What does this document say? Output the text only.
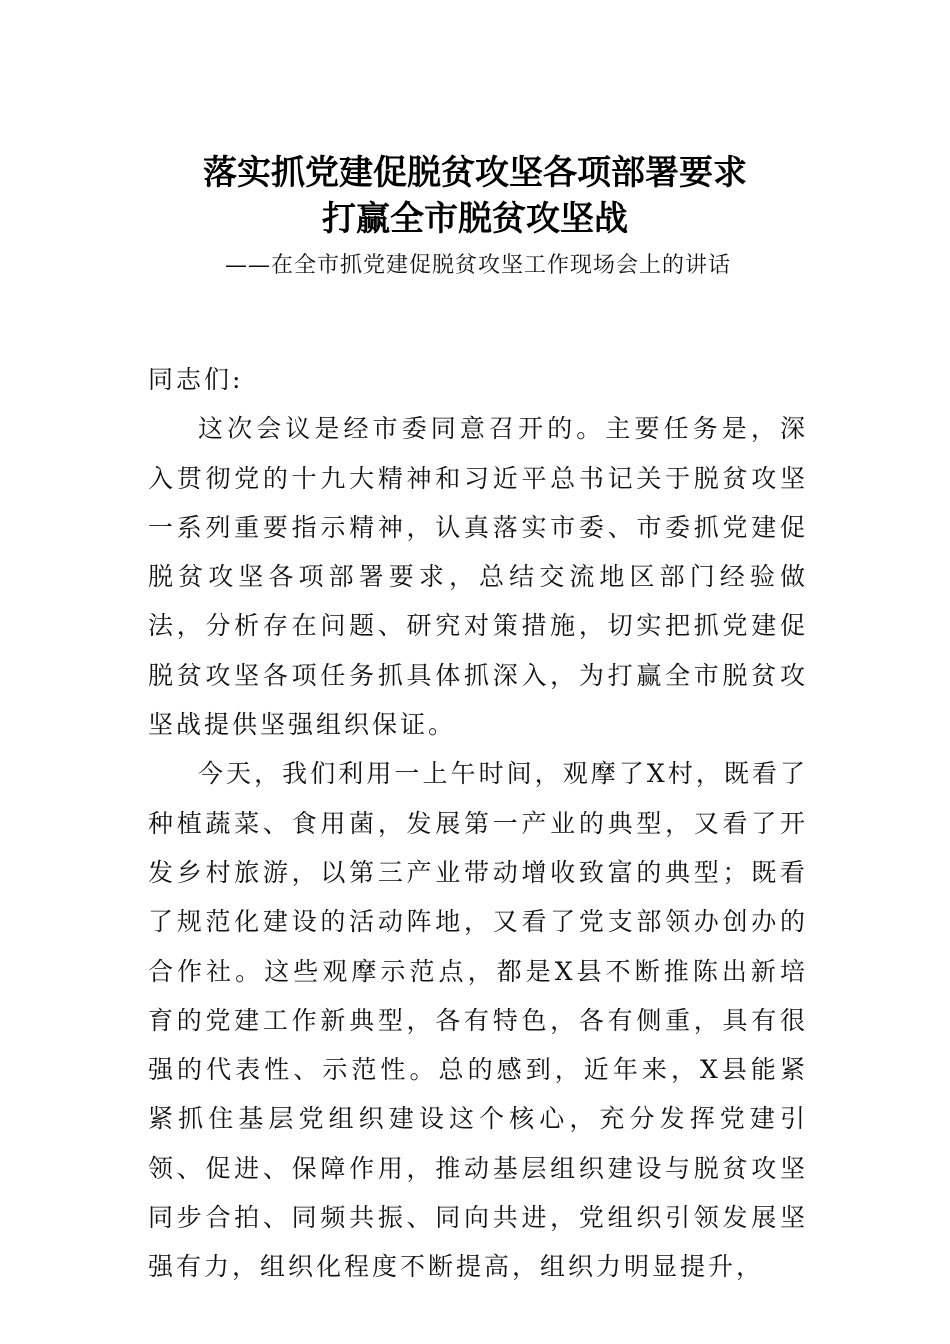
落实抓党建促脱贫攻坚各项部署要求
打赢全市脱贫攻坚战
——在全市抓党建促脱贫攻坚工作现场会上的讲话

同志们:

这次会议是经市委同意召开的。主要任务是，深入贯彻党的十九大精神和习近平总书记关于脱贫攻坚一系列重要指示精神，认真落实市委、市委抓党建促脱贫攻坚各项部署要求，总结交流地区部门经验做法，分析存在问题、研究对策措施，切实把抓党建促脱贫攻坚各项任务抓具体抓深入，为打赢全市脱贫攻坚战提供坚强组织保证。

今天，我们利用一上午时间，观摩了X村，既看了种植蔬菜、食用菌，发展第一产业的典型，又看了开发乡村旅游，以第三产业带动增收致富的典型；既看了规范化建设的活动阵地，又看了党支部领办创办的合作社。这些观摩示范点，都是X县不断推陈出新培育的党建工作新典型，各有特色，各有侧重，具有很强的代表性、示范性。总的感到，近年来，X县能紧紧抓住基层党组织建设这个核心，充分发挥党建引领、促进、保障作用，推动基层组织建设与脱贫攻坚同步合拍、同频共振、同向共进，党组织引领发展坚强有力，组织化程度不断提高，组织力明显提升，
